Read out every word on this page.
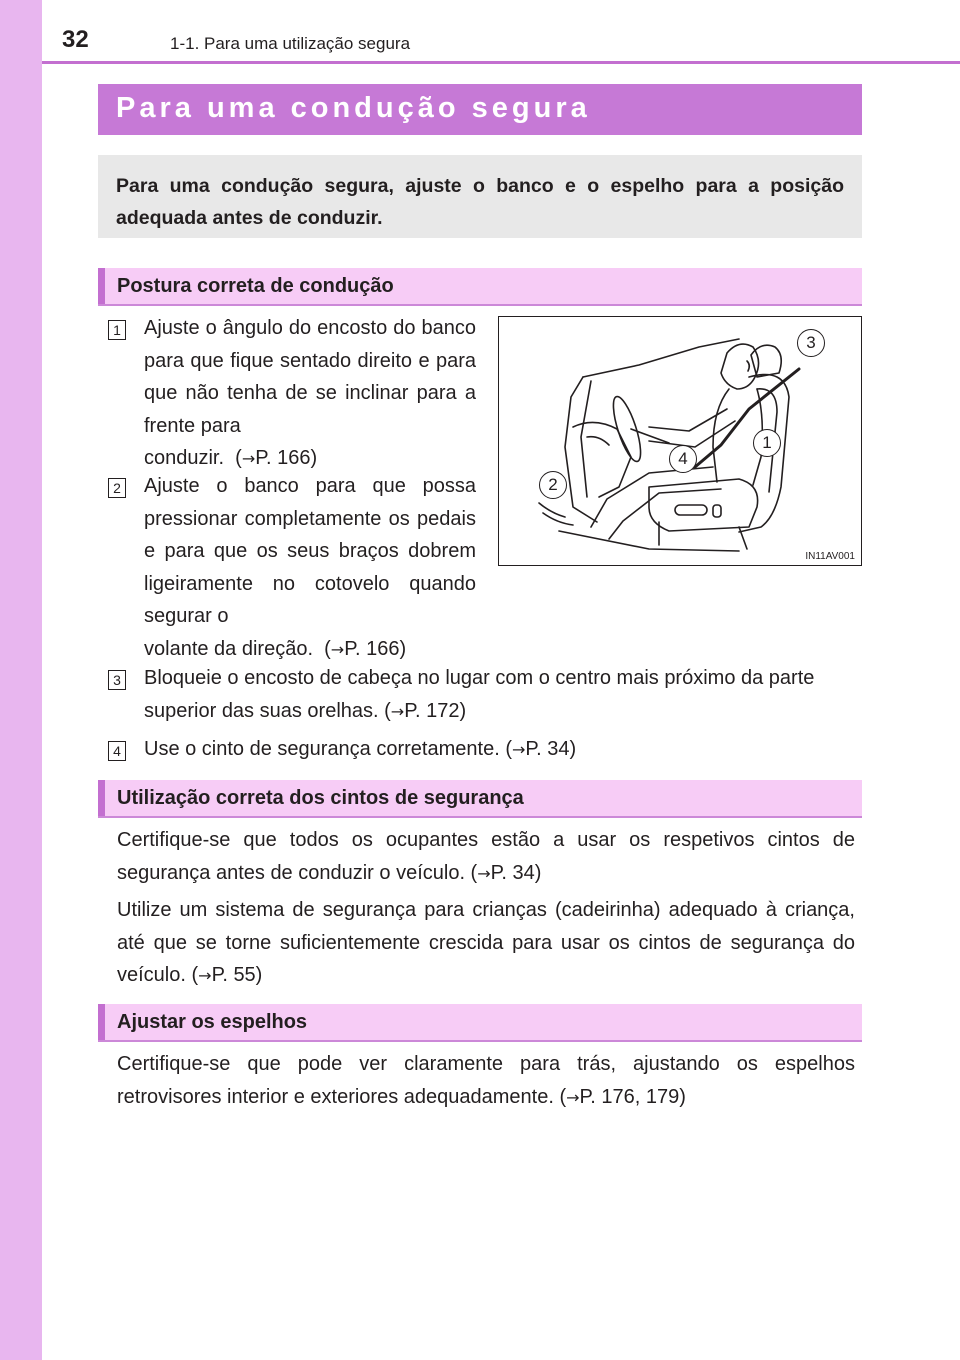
32	1-1. Para uma utilização segura
Para uma condução segura

Para uma condução segura, ajuste o banco e o espelho para a posição adequada antes de conduzir.

Postura correta de condução
1 Ajuste o ângulo do encosto do banco para que fique sentado direito e para que não tenha de se inclinar para a frente para
conduzir.  (→P. 166)
2 Ajuste o banco para que possa pressionar completamente os pedais e para que os seus braços dobrem ligeiramente no cotovelo quando segurar o
volante da direção.  (→P. 166)
3 Bloqueie o encosto de cabeça no lugar com o centro mais próximo da parte superior das suas orelhas. (→P. 172)
4 Use o cinto de segurança corretamente. (→P. 34)
3
1
4
2
IN11AV001
Utilização correta dos cintos de segurança

Certifique-se que todos os ocupantes estão a usar os respetivos cintos de segurança antes de conduzir o veículo. (→P. 34)

Utilize um sistema de segurança para crianças (cadeirinha) adequado à criança, até que se torne suficientemente crescida para usar os cintos de segurança do veículo. (→P. 55)

Ajustar os espelhos

Certifique-se que pode ver claramente para trás, ajustando os espelhos retrovisores interior e exteriores adequadamente. (→P. 176, 179)
